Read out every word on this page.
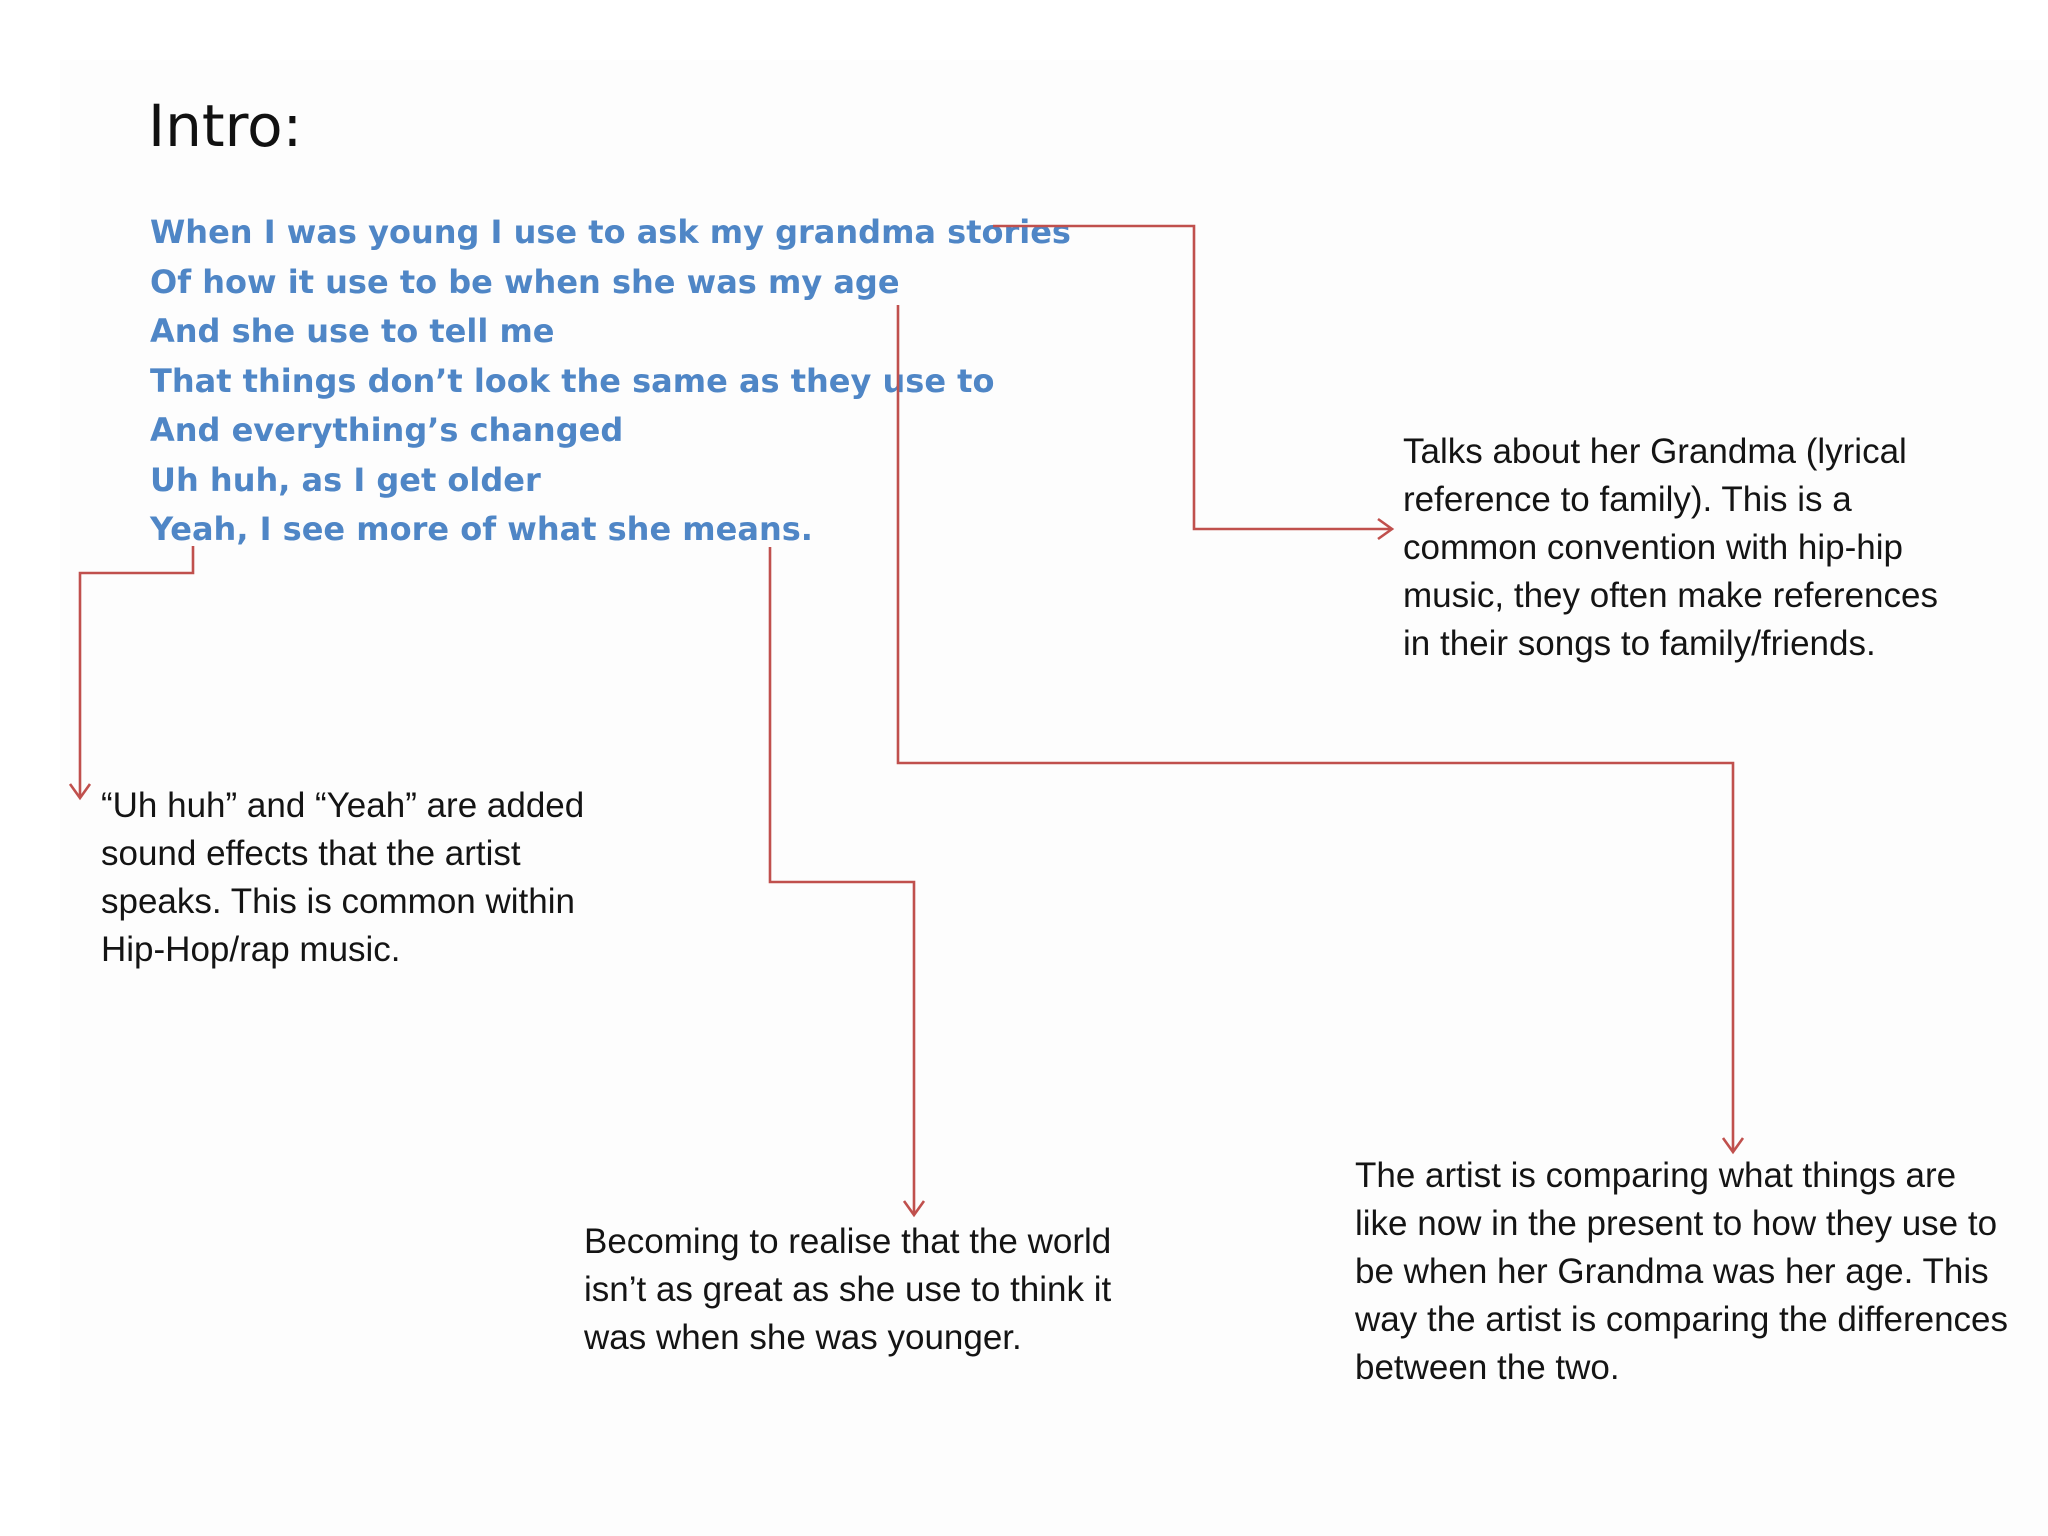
Intro:
When I was young I use to ask my grandma stories
Of how it use to be when she was my age
And she use to tell me
That things don’t look the same as they use to
And everything’s changed
Uh huh, as I get older
Yeah, I see more of what she means.

Talks about her Grandma (lyrical reference to family). This is a common convention with hip-hip music, they often make references in their songs to family/friends.

“Uh huh” and “Yeah” are added sound effects that the artist speaks. This is common within Hip-Hop/rap music.

Becoming to realise that the world isn’t as great as she use to think it was when she was younger.

The artist is comparing what things are like now in the present to how they use to be when her Grandma was her age. This way the artist is comparing the differences between the two.
